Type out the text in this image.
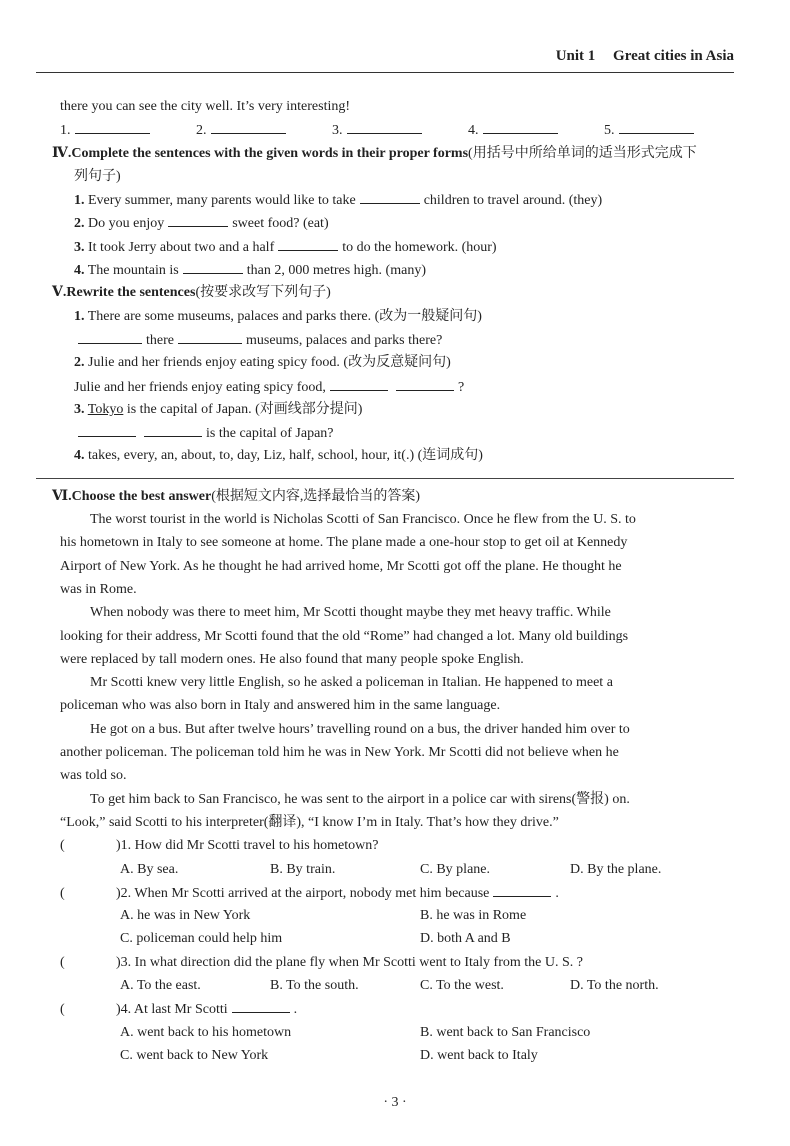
Unit 1 Great cities in Asia
there you can see the city well. It’s very interesting!
1.	2.	3.	4.	5.
Ⅳ.Complete the sentences with the given words in their proper forms(用括号中所给单词的适当形式完成下
列句子)
1. Every summer, many parents would like to take	children to travel around. (they)
2. Do you enjoy	sweet food? (eat)
3. It took Jerry about two and a half	to do the homework. (hour)
4. The mountain is	than 2, 000 metres high. (many)
Ⅴ.Rewrite the sentences(按要求改写下列句子)
1. There are some museums, palaces and parks there. (改为一般疑问句)
there	museums, palaces and parks there?
2. Julie and her friends enjoy eating spicy food. (改为反意疑问句)
Julie and her friends enjoy eating spicy food,	?
3. Tokyo is the capital of Japan. (对画线部分提问)
is the capital of Japan?
4. takes, every, an, about, to, day, Liz, half, school, hour, it(.) (连词成句)
Ⅵ.Choose the best answer(根据短文内容,选择最恰当的答案)
The worst tourist in the world is Nicholas Scotti of San Francisco. Once he flew from the U. S. to
his hometown in Italy to see someone at home. The plane made a one-hour stop to get oil at Kennedy
Airport of New York. As he thought he had arrived home, Mr Scotti got off the plane. He thought he
was in Rome.
When nobody was there to meet him, Mr Scotti thought maybe they met heavy traffic. While
looking for their address, Mr Scotti found that the old “Rome” had changed a lot. Many old buildings
were replaced by tall modern ones. He also found that many people spoke English.
Mr Scotti knew very little English, so he asked a policeman in Italian. He happened to meet a
policeman who was also born in Italy and answered him in the same language.
He got on a bus. But after twelve hours’ travelling round on a bus, the driver handed him over to
another policeman. The policeman told him he was in New York. Mr Scotti did not believe when he
was told so.
To get him back to San Francisco, he was sent to the airport in a police car with sirens(警报) on.
“Look,” said Scotti to his interpreter(翻译), “I know I’m in Italy. That’s how they drive.”
(	)1. How did Mr Scotti travel to his hometown?
A. By sea.	B. By train.	C. By plane.	D. By the plane.
(	)2. When Mr Scotti arrived at the airport, nobody met him because	.
A. he was in New York	B. he was in Rome
C. policeman could help him	D. both A and B
(	)3. In what direction did the plane fly when Mr Scotti went to Italy from the U. S. ?
A. To the east.	B. To the south.	C. To the west.	D. To the north.
(	)4. At last Mr Scotti	.
A. went back to his hometown	B. went back to San Francisco
C. went back to New York	D. went back to Italy
· 3 ·
